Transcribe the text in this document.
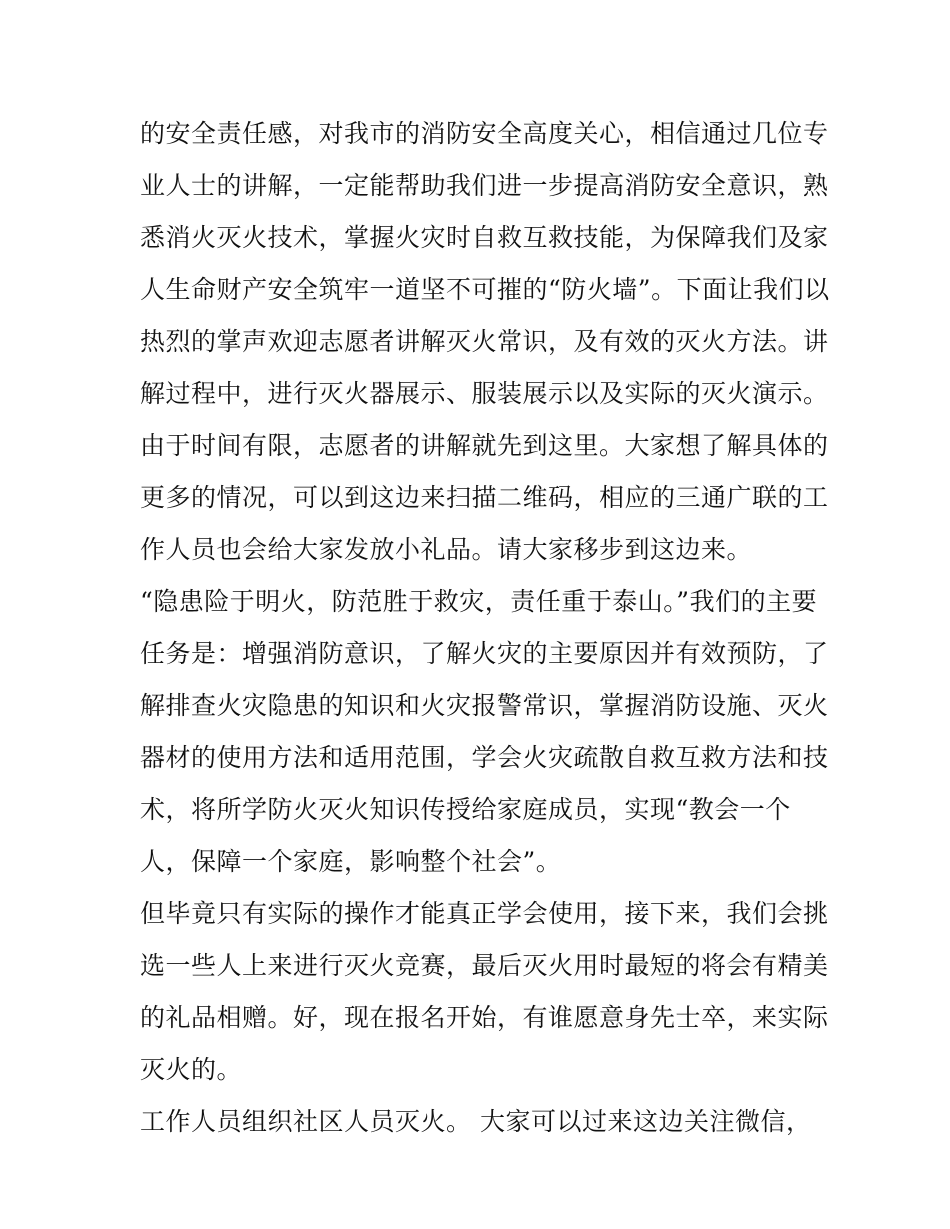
的安全责任感，对我市的消防安全高度关心，相信通过几位专
业人士的讲解，一定能帮助我们进一步提高消防安全意识，熟
悉消火灭火技术，掌握火灾时自救互救技能，为保障我们及家
人生命财产安全筑牢一道坚不可摧的“防火墙”。下面让我们以
热烈的掌声欢迎志愿者讲解灭火常识，及有效的灭火方法。讲
解过程中，进行灭火器展示、服装展示以及实际的灭火演示。
由于时间有限，志愿者的讲解就先到这里。大家想了解具体的
更多的情况，可以到这边来扫描二维码，相应的三通广联的工
作人员也会给大家发放小礼品。请大家移步到这边来。
“隐患险于明火，防范胜于救灾，责任重于泰山。”我们的主要
任务是：增强消防意识，了解火灾的主要原因并有效预防，了
解排查火灾隐患的知识和火灾报警常识，掌握消防设施、灭火
器材的使用方法和适用范围，学会火灾疏散自救互救方法和技
术，将所学防火灭火知识传授给家庭成员，实现“教会一个
人，保障一个家庭，影响整个社会”。
但毕竟只有实际的操作才能真正学会使用，接下来，我们会挑
选一些人上来进行灭火竞赛，最后灭火用时最短的将会有精美
的礼品相赠。好，现在报名开始，有谁愿意身先士卒，来实际
灭火的。
工作人员组织社区人员灭火。 大家可以过来这边关注微信，
